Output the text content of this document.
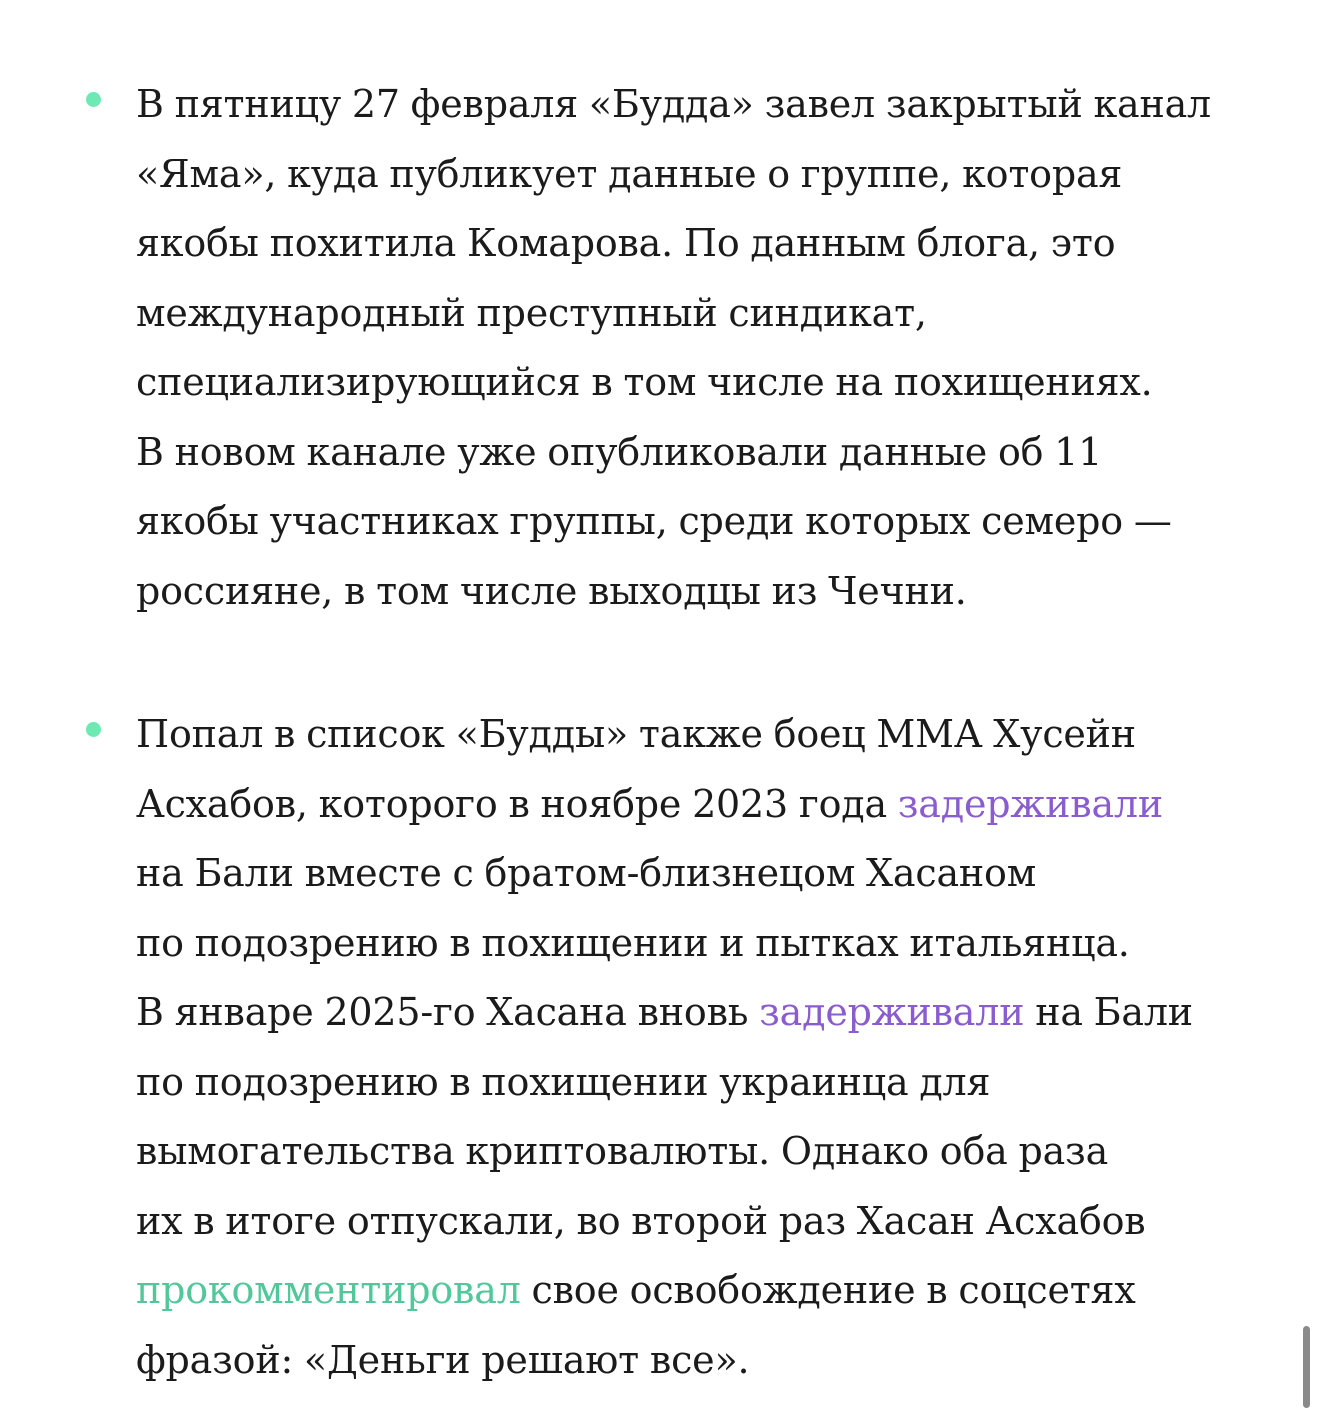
В пятницу 27 февраля «Будда» завел закрытый канал
«Яма», куда публикует данные о группе, которая
якобы похитила Комарова. По данным блога, это
международный преступный синдикат,
специализирующийся в том числе на похищениях.
В новом канале уже опубликовали данные об 11
якобы участниках группы, среди которых семеро —
россияне, в том числе выходцы из Чечни.

Попал в список «Будды» также боец ММА Хусейн
Асхабов, которого в ноябре 2023 года задерживали
на Бали вместе с братом-близнецом Хасаном
по подозрению в похищении и пытках итальянца.
В январе 2025-го Хасана вновь задерживали на Бали
по подозрению в похищении украинца для
вымогательства криптовалюты. Однако оба раза
их в итоге отпускали, во второй раз Хасан Асхабов
прокомментировал свое освобождение в соцсетях
фразой: «Деньги решают все».
